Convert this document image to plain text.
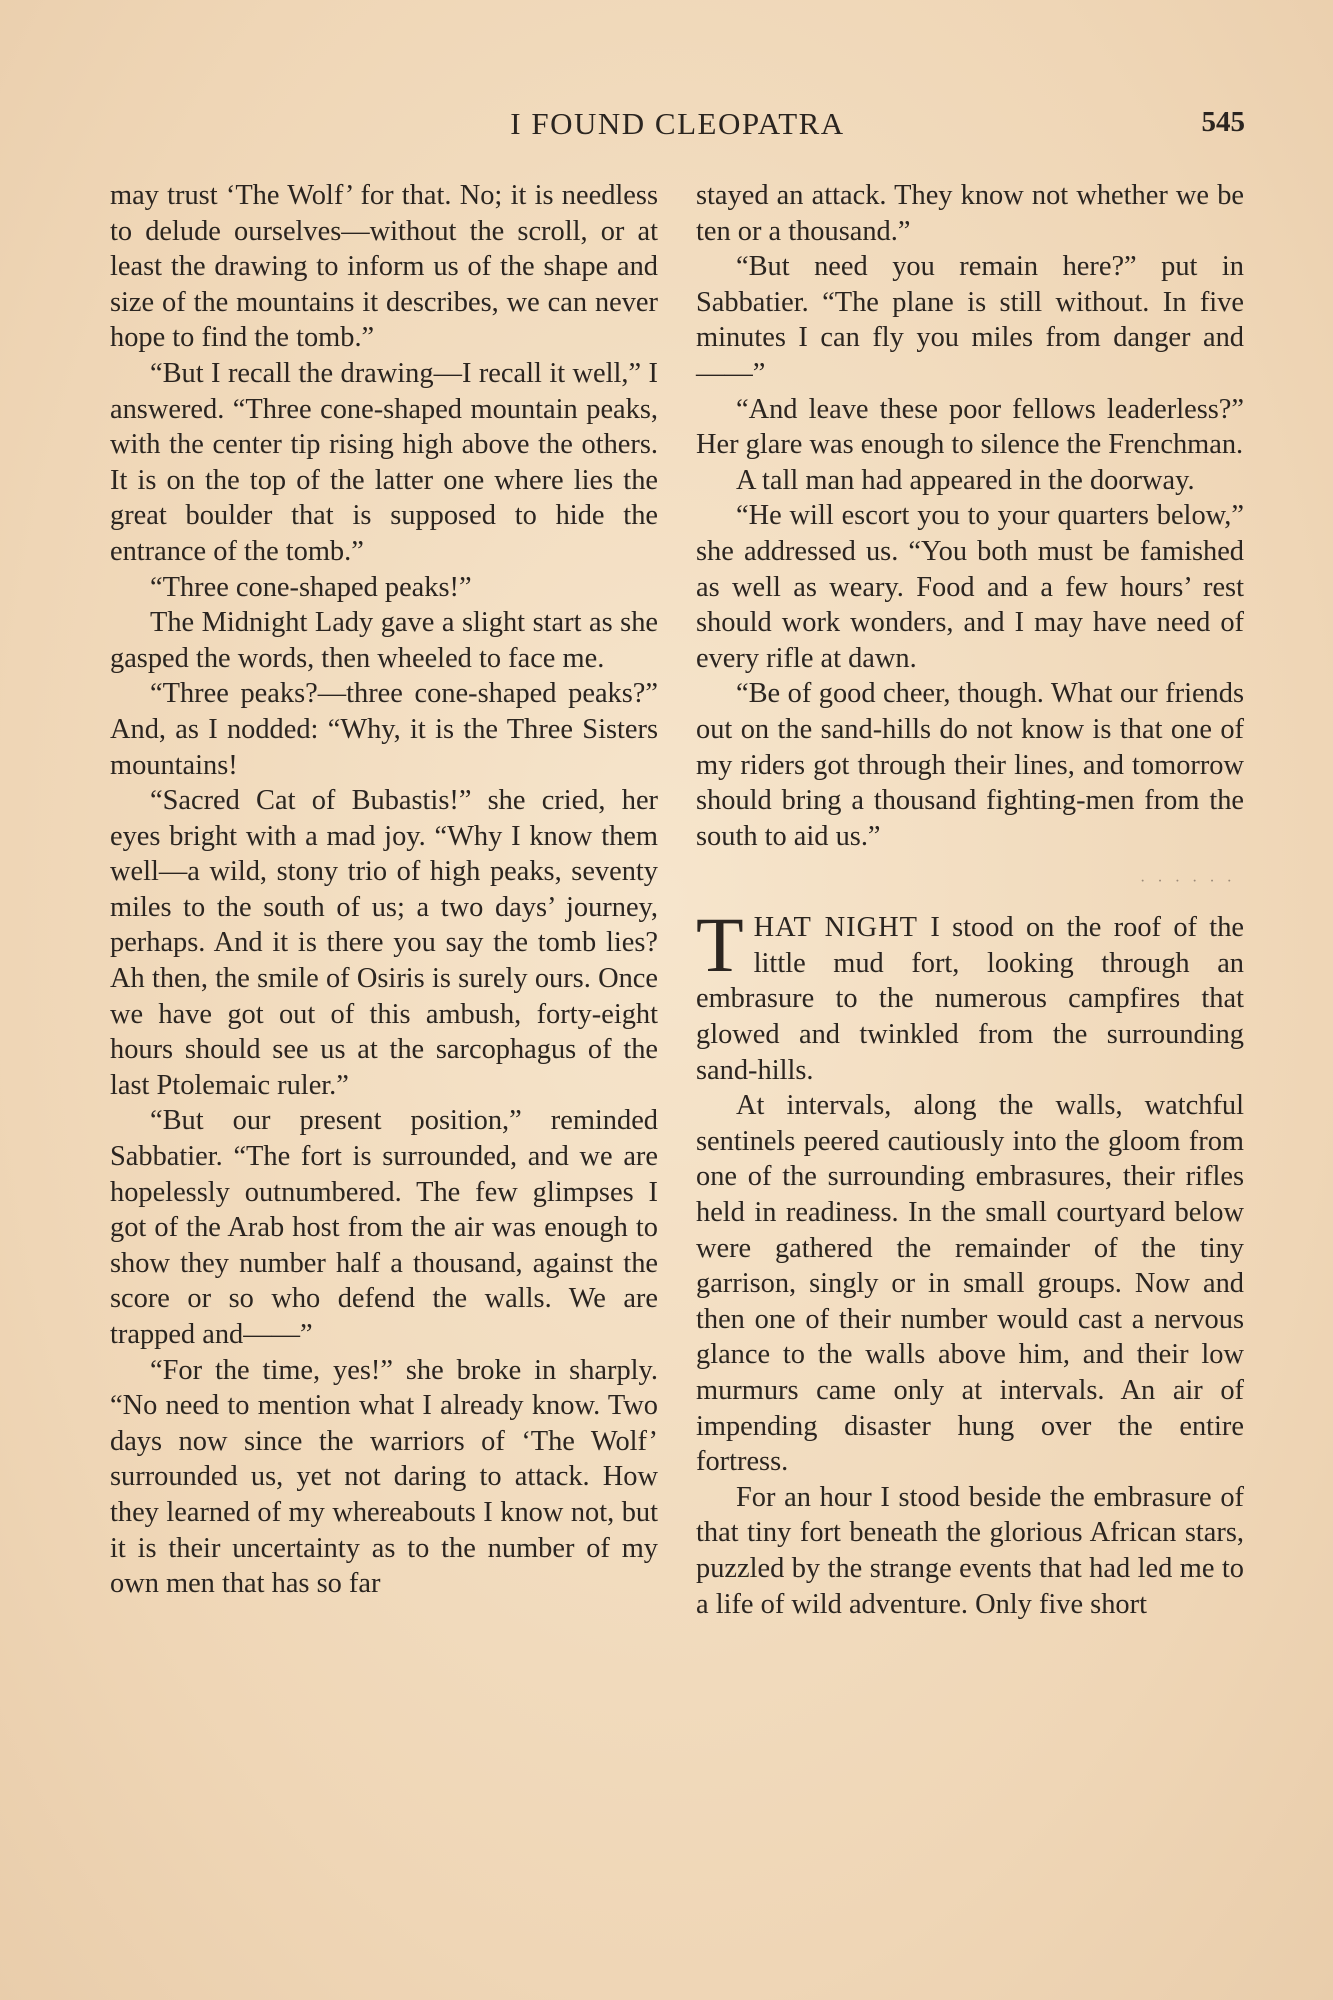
I FOUND CLEOPATRA	545

may trust ‘The Wolf’ for that. No; it is needless to delude ourselves—without the scroll, or at least the drawing to inform us of the shape and size of the mountains it describes, we can never hope to find the tomb.”

“But I recall the drawing—I recall it well,” I answered. “Three cone-shaped mountain peaks, with the center tip rising high above the others. It is on the top of the latter one where lies the great boulder that is supposed to hide the entrance of the tomb.”

“Three cone-shaped peaks!”

The Midnight Lady gave a slight start as she gasped the words, then wheeled to face me.

“Three peaks?—three cone-shaped peaks?” And, as I nodded: “Why, it is the Three Sisters mountains!

“Sacred Cat of Bubastis!” she cried, her eyes bright with a mad joy. “Why I know them well—a wild, stony trio of high peaks, seventy miles to the south of us; a two days’ journey, perhaps. And it is there you say the tomb lies? Ah then, the smile of Osiris is surely ours. Once we have got out of this ambush, forty-eight hours should see us at the sarcophagus of the last Ptolemaic ruler.”

“But our present position,” reminded Sabbatier. “The fort is surrounded, and we are hopelessly outnumbered. The few glimpses I got of the Arab host from the air was enough to show they number half a thousand, against the score or so who defend the walls. We are trapped and——”

“For the time, yes!” she broke in sharply. “No need to mention what I already know. Two days now since the warriors of ‘The Wolf’ surrounded us, yet not daring to attack. How they learned of my whereabouts I know not, but it is their uncertainty as to the number of my own men that has so far

stayed an attack. They know not whether we be ten or a thousand.”

“But need you remain here?” put in Sabbatier. “The plane is still without. In five minutes I can fly you miles from danger and——”

“And leave these poor fellows leaderless?” Her glare was enough to silence the Frenchman.

A tall man had appeared in the doorway.

“He will escort you to your quarters below,” she addressed us. “You both must be famished as well as weary. Food and a few hours’ rest should work wonders, and I may have need of every rifle at dawn.

“Be of good cheer, though. What our friends out on the sand-hills do not know is that one of my riders got through their lines, and tomorrow should bring a thousand fighting-men from the south to aid us.”

· · · · · ·

THAT NIGHT I stood on the roof of the little mud fort, looking through an embrasure to the numerous campfires that glowed and twinkled from the surrounding sand-hills.

At intervals, along the walls, watchful sentinels peered cautiously into the gloom from one of the surrounding embrasures, their rifles held in readiness. In the small courtyard below were gathered the remainder of the tiny garrison, singly or in small groups. Now and then one of their number would cast a nervous glance to the walls above him, and their low murmurs came only at intervals. An air of impending disaster hung over the entire fortress.

For an hour I stood beside the embrasure of that tiny fort beneath the glorious African stars, puzzled by the strange events that had led me to a life of wild adventure. Only five short
